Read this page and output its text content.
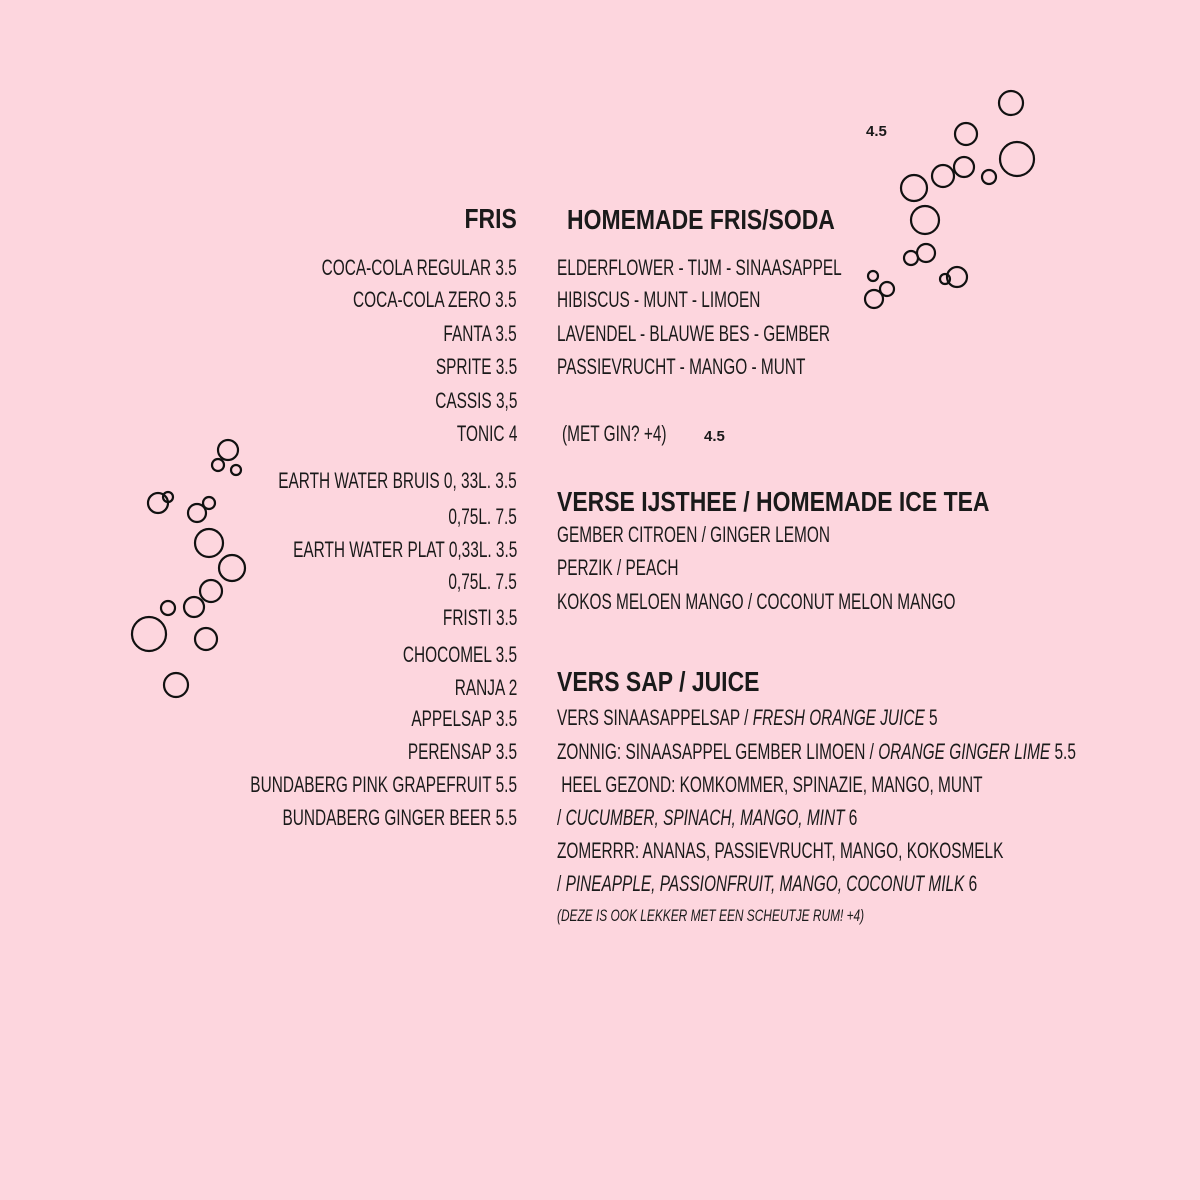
4.5
FRIS
COCA-COLA REGULAR 3.5
COCA-COLA ZERO 3.5
FANTA 3.5
SPRITE 3.5
CASSIS 3,5
TONIC 4
EARTH WATER BRUIS 0, 33L. 3.5
0,75L. 7.5
EARTH WATER PLAT 0,33L. 3.5
0,75L. 7.5
FRISTI 3.5
CHOCOMEL 3.5
RANJA 2
APPELSAP 3.5
PERENSAP 3.5
BUNDABERG PINK GRAPEFRUIT 5.5
BUNDABERG GINGER BEER 5.5
HOMEMADE FRIS/SODA
ELDERFLOWER - TIJM - SINAASAPPEL
HIBISCUS - MUNT - LIMOEN
LAVENDEL - BLAUWE BES - GEMBER
PASSIEVRUCHT - MANGO - MUNT
(MET GIN? +4) 4.5
VERSE IJSTHEE / HOMEMADE ICE TEA
GEMBER CITROEN / GINGER LEMON
PERZIK / PEACH
KOKOS MELOEN MANGO / COCONUT MELON MANGO
VERS SAP / JUICE
VERS SINAASAPPELSAP / FRESH ORANGE JUICE 5
ZONNIG: SINAASAPPEL GEMBER LIMOEN / ORANGE GINGER LIME 5.5
HEEL GEZOND: KOMKOMMER, SPINAZIE, MANGO, MUNT
/ CUCUMBER, SPINACH, MANGO, MINT 6
ZOMERRR: ANANAS, PASSIEVRUCHT, MANGO, KOKOSMELK
/ PINEAPPLE, PASSIONFRUIT, MANGO, COCONUT MILK 6
(DEZE IS OOK LEKKER MET EEN SCHEUTJE RUM! +4)
